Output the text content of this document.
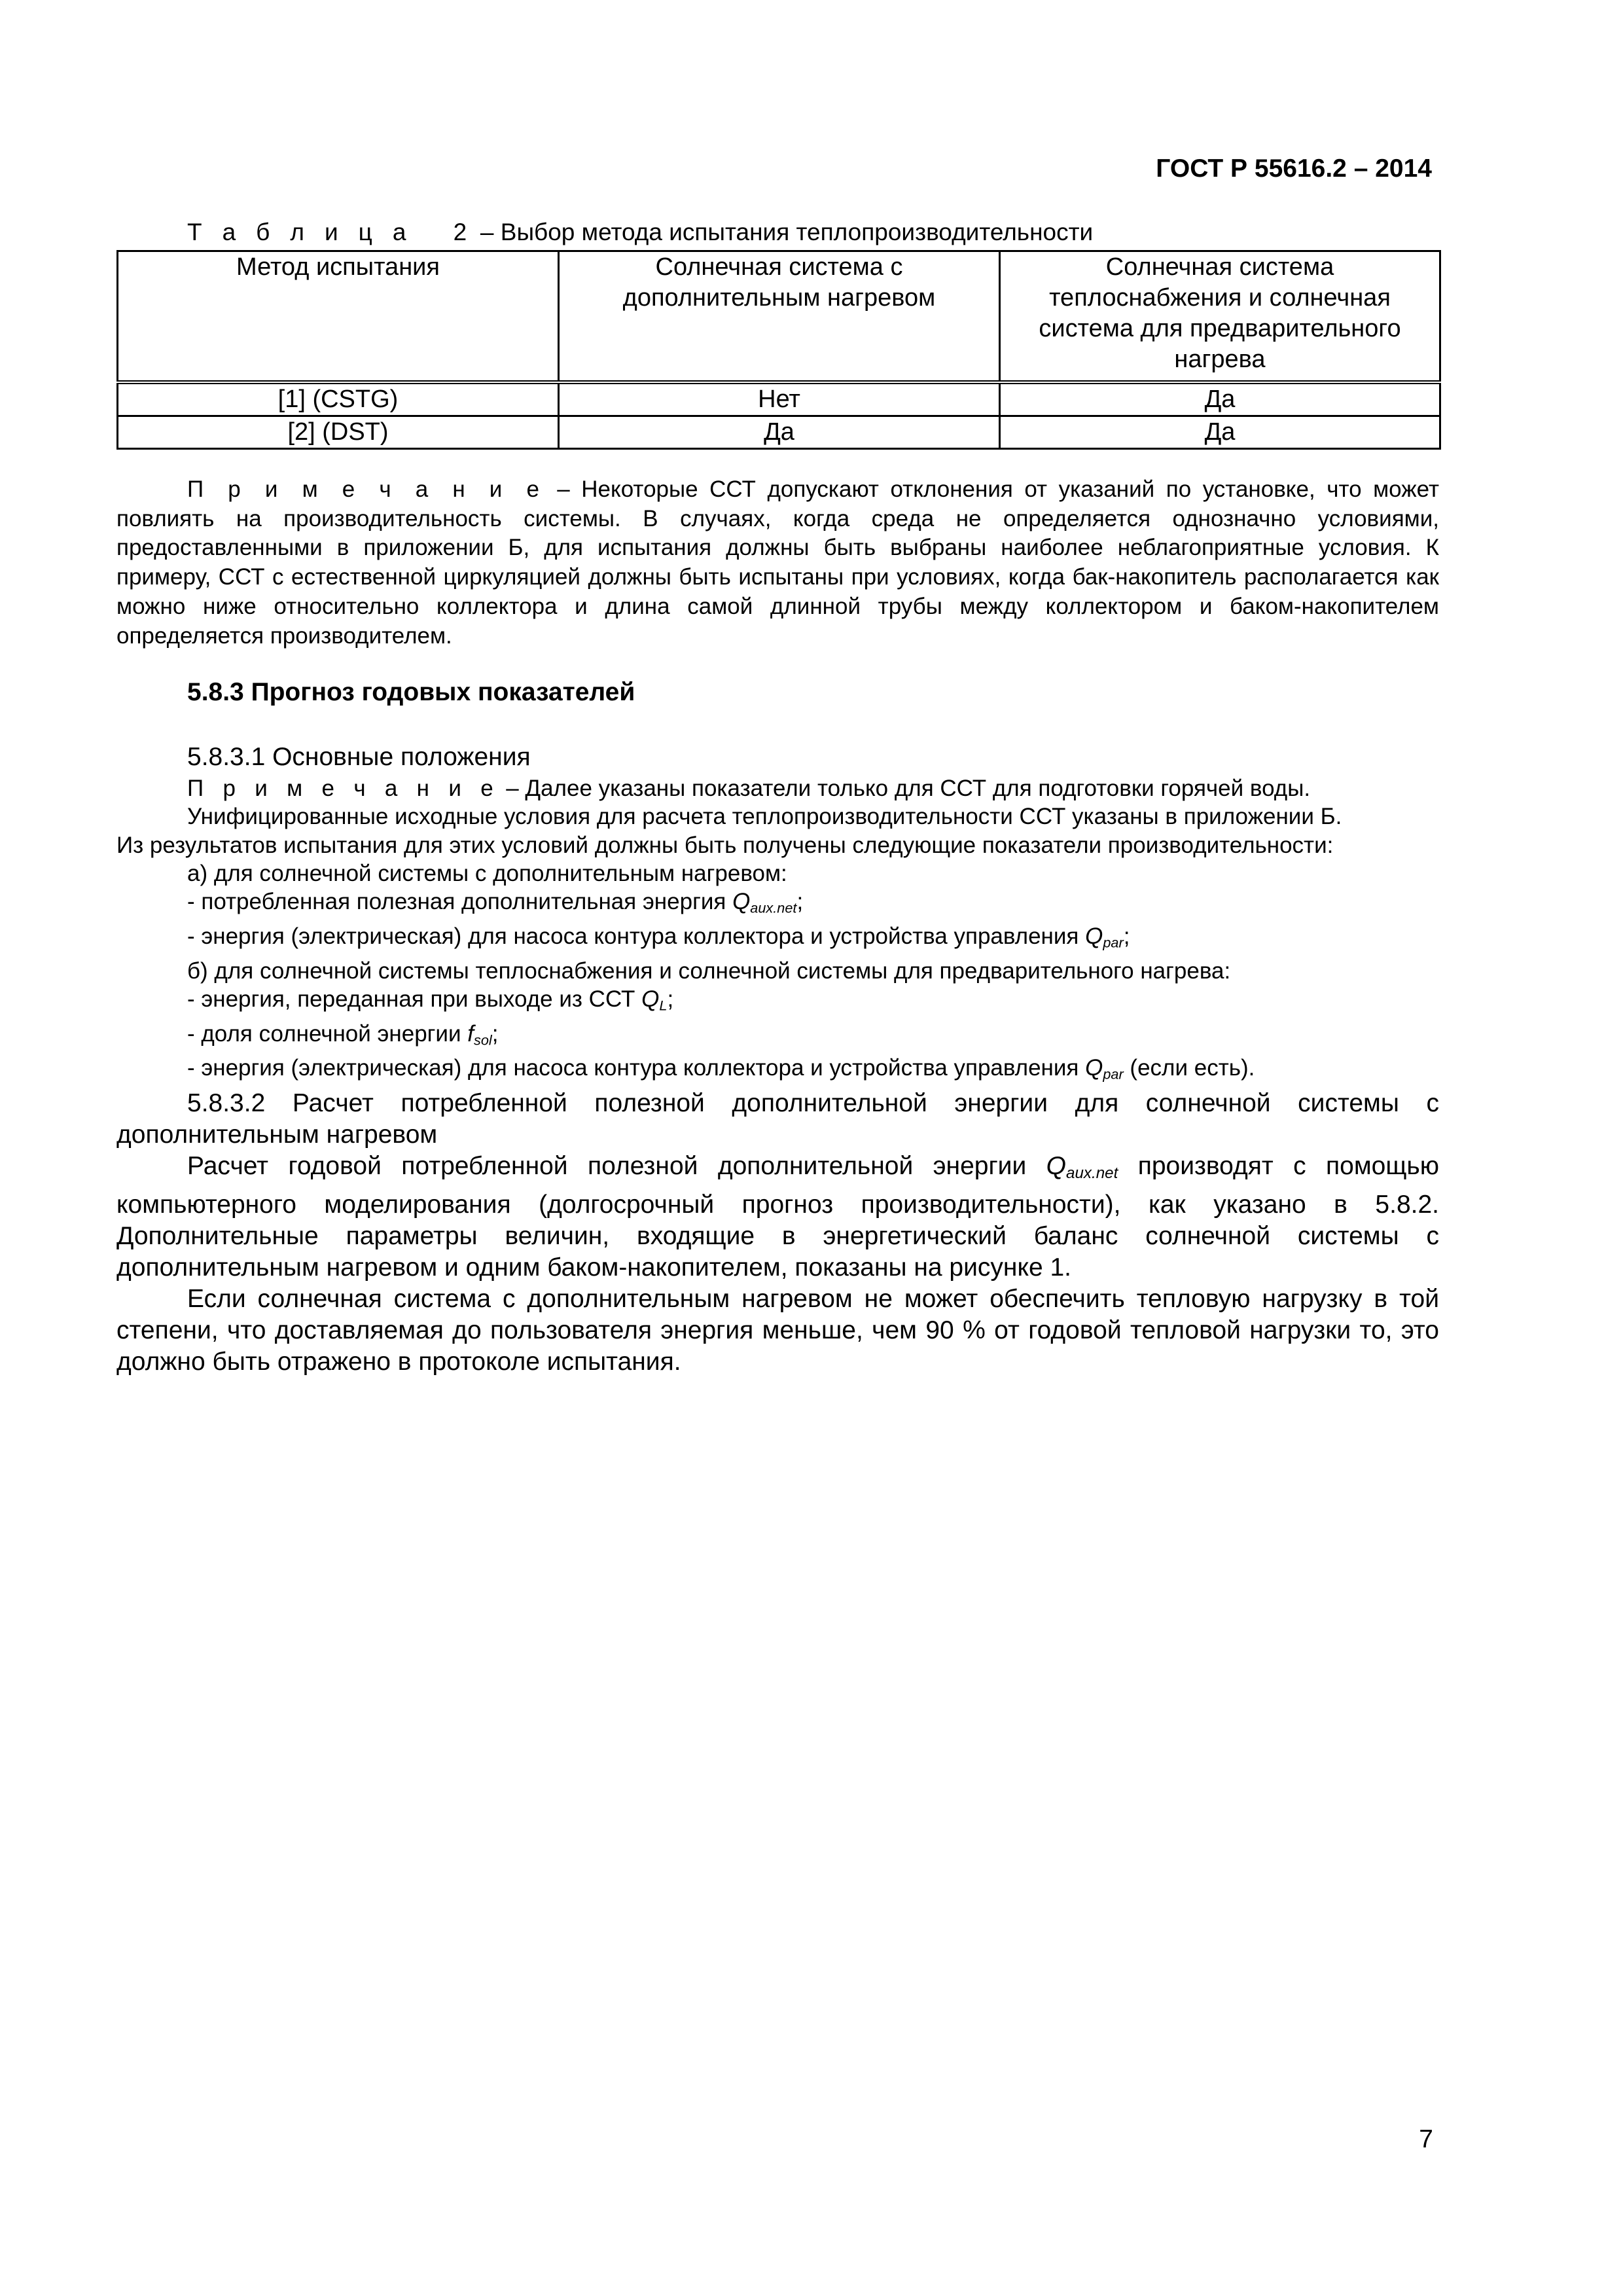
ГОСТ Р 55616.2 – 2014
Т а б л и ц а   2 – Выбор метода испытания теплопроизводительности
Метод испытания	Солнечная система с дополнительным нагревом	Солнечная система теплоснабжения и солнечная система для предварительного нагрева
[1] (CSTG)	Нет	Да
[2] (DST)	Да	Да
П р и м е ч а н и е – Некоторые ССТ допускают отклонения от указаний по установке, что может повлиять на производительность системы. В случаях, когда среда не определяется однозначно условиями, предоставленными в приложении Б, для испытания должны быть выбраны наиболее неблагоприятные условия. К примеру, ССТ с естественной циркуляцией должны быть испытаны при условиях, когда бак-накопитель располагается как можно ниже относительно коллектора и длина самой длинной трубы между коллектором и баком-накопителем определяется производителем.
5.8.3 Прогноз годовых показателей
5.8.3.1 Основные положения
П р и м е ч а н и е – Далее указаны показатели только для ССТ для подготовки горячей воды.
Унифицированные исходные условия для расчета теплопроизводительности ССТ указаны в приложении Б.
Из результатов испытания для этих условий должны быть получены следующие показатели производительности:
а) для солнечной системы с дополнительным нагревом:
- потребленная полезная дополнительная энергия $Q_{aux.net}$;
- энергия (электрическая) для насоса контура коллектора и устройства управления $Q_{par}$;
б) для солнечной системы теплоснабжения и солнечной системы для предварительного нагрева:
- энергия, переданная при выходе из ССТ $Q_L$;
- доля солнечной энергии $f_{sol}$;
- энергия (электрическая) для насоса контура коллектора и устройства управления $Q_{par}$ (если есть).
5.8.3.2 Расчет потребленной полезной дополнительной энергии для солнечной системы с дополнительным нагревом
Расчет годовой потребленной полезной дополнительной энергии $Q_{aux.net}$ производят с помощью компьютерного моделирования (долгосрочный прогноз производительности), как указано в 5.8.2. Дополнительные параметры величин, входящие в энергетический баланс солнечной системы с дополнительным нагревом и одним баком-накопителем, показаны на рисунке 1.
Если солнечная система с дополнительным нагревом не может обеспечить тепловую нагрузку в той степени, что доставляемая до пользователя энергия меньше, чем 90 % от годовой тепловой нагрузки то, это должно быть отражено в протоколе испытания.
7
